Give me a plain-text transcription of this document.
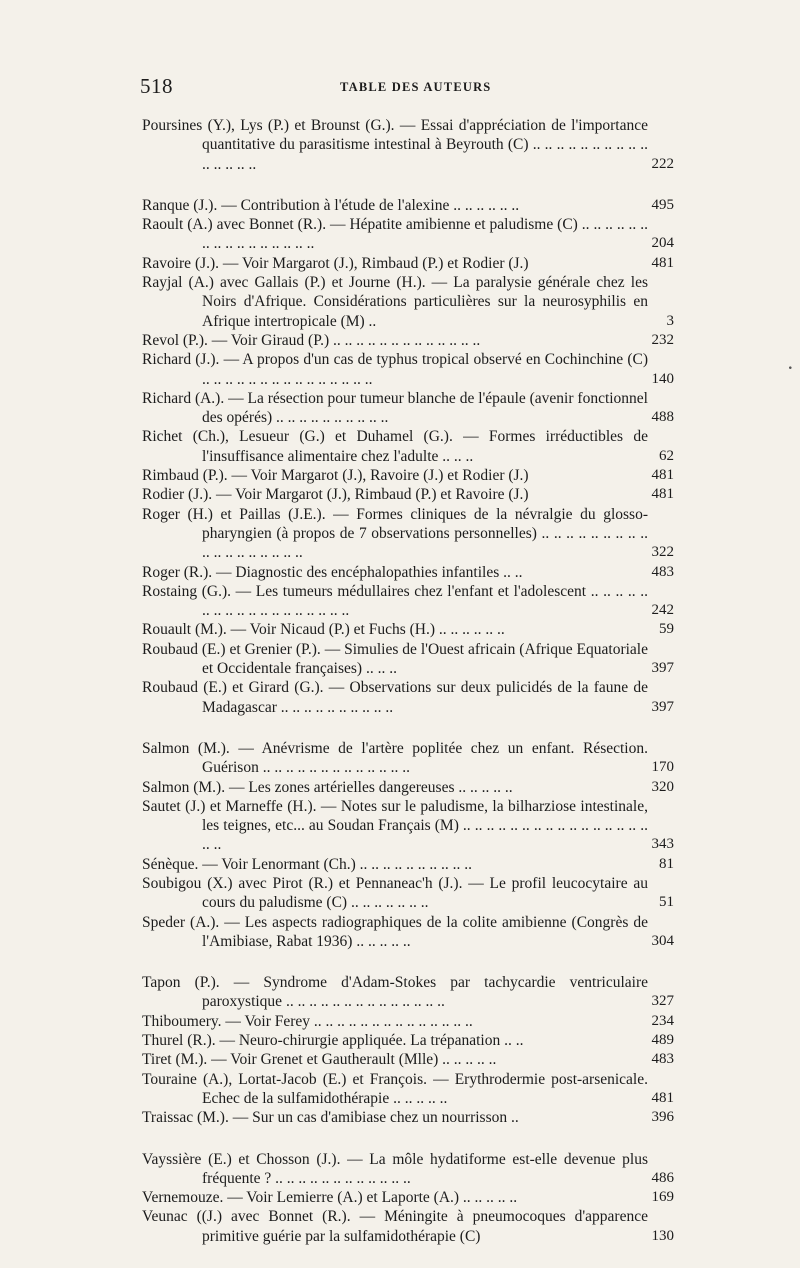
518	TABLE DES AUTEURS
Poursines (Y.), Lys (P.) et Brounst (G.). — Essai d'appréciation de l'importance quantitative du parasitisme intestinal à Beyrouth (C) .. .. .. .. .. .. .. .. .. .. .. .. .. .. ..	222
Ranque (J.). — Contribution à l'étude de l'alexine .. .. .. .. .. ..	495
Raoult (A.) avec Bonnet (R.). — Hépatite amibienne et paludisme (C) .. .. .. .. .. .. .. .. .. .. .. .. .. .. .. ..	204
Ravoire (J.). — Voir Margarot (J.), Rimbaud (P.) et Rodier (J.)	481
Rayjal (A.) avec Gallais (P.) et Journe (H.). — La paralysie générale chez les Noirs d'Afrique. Considérations particulières sur la neurosyphilis en Afrique intertropicale (M) ..	3
Revol (P.). — Voir Giraud (P.) .. .. .. .. .. .. .. .. .. .. .. .. ..	232
Richard (J.). — A propos d'un cas de typhus tropical observé en Cochinchine (C) .. .. .. .. .. .. .. .. .. .. .. .. .. .. ..	140
Richard (A.). — La résection pour tumeur blanche de l'épaule (avenir fonctionnel des opérés) .. .. .. .. .. .. .. .. .. ..	488
Richet (Ch.), Lesueur (G.) et Duhamel (G.). — Formes irréductibles de l'insuffisance alimentaire chez l'adulte .. .. ..	62
Rimbaud (P.). — Voir Margarot (J.), Ravoire (J.) et Rodier (J.)	481
Rodier (J.). — Voir Margarot (J.), Rimbaud (P.) et Ravoire (J.)	481
Roger (H.) et Paillas (J.E.). — Formes cliniques de la névralgie du glosso-pharyngien (à propos de 7 observations personnelles) .. .. .. .. .. .. .. .. .. .. .. .. .. .. .. .. .. ..	322
Roger (R.). — Diagnostic des encéphalopathies infantiles .. ..	483
Rostaing (G.). — Les tumeurs médullaires chez l'enfant et l'adolescent .. .. .. .. .. .. .. .. .. .. .. .. .. .. .. .. .. ..	242
Rouault (M.). — Voir Nicaud (P.) et Fuchs (H.) .. .. .. .. .. ..	59
Roubaud (E.) et Grenier (P.). — Simulies de l'Ouest africain (Afrique Equatoriale et Occidentale françaises) .. .. ..	397
Roubaud (E.) et Girard (G.). — Observations sur deux pulicidés de la faune de Madagascar .. .. .. .. .. .. .. .. .. ..	397
Salmon (M.). — Anévrisme de l'artère poplitée chez un enfant. Résection. Guérison .. .. .. .. .. .. .. .. .. .. .. .. ..	170
Salmon (M.). — Les zones artérielles dangereuses .. .. .. .. ..	320
Sautet (J.) et Marneffe (H.). — Notes sur le paludisme, la bilharziose intestinale, les teignes, etc... au Soudan Français (M) .. .. .. .. .. .. .. .. .. .. .. .. .. .. .. .. .. ..	343
Sénèque. — Voir Lenormant (Ch.) .. .. .. .. .. .. .. .. .. ..	81
Soubigou (X.) avec Pirot (R.) et Pennaneac'h (J.). — Le profil leucocytaire au cours du paludisme (C) .. .. .. .. .. .. ..	51
Speder (A.). — Les aspects radiographiques de la colite amibienne (Congrès de l'Amibiase, Rabat 1936) .. .. .. .. ..	304
Tapon (P.). — Syndrome d'Adam-Stokes par tachycardie ventriculaire paroxystique .. .. .. .. .. .. .. .. .. .. .. .. .. ..	327
Thiboumery. — Voir Ferey .. .. .. .. .. .. .. .. .. .. .. .. .. ..	234
Thurel (R.). — Neuro-chirurgie appliquée. La trépanation .. ..	489
Tiret (M.). — Voir Grenet et Gautherault (Mlle) .. .. .. .. ..	483
Touraine (A.), Lortat-Jacob (E.) et François. — Erythrodermie post-arsenicale. Echec de la sulfamidothérapie .. .. .. .. ..	481
Traissac (M.). — Sur un cas d'amibiase chez un nourrisson ..	396
Vayssière (E.) et Chosson (J.). — La môle hydatiforme est-elle devenue plus fréquente ? .. .. .. .. .. .. .. .. .. .. .. ..	486
Vernemouze. — Voir Lemierre (A.) et Laporte (A.) .. .. .. .. ..	169
Veunac ((J.) avec Bonnet (R.). — Méningite à pneumocoques d'apparence primitive guérie par la sulfamidothérapie (C)	130
·
